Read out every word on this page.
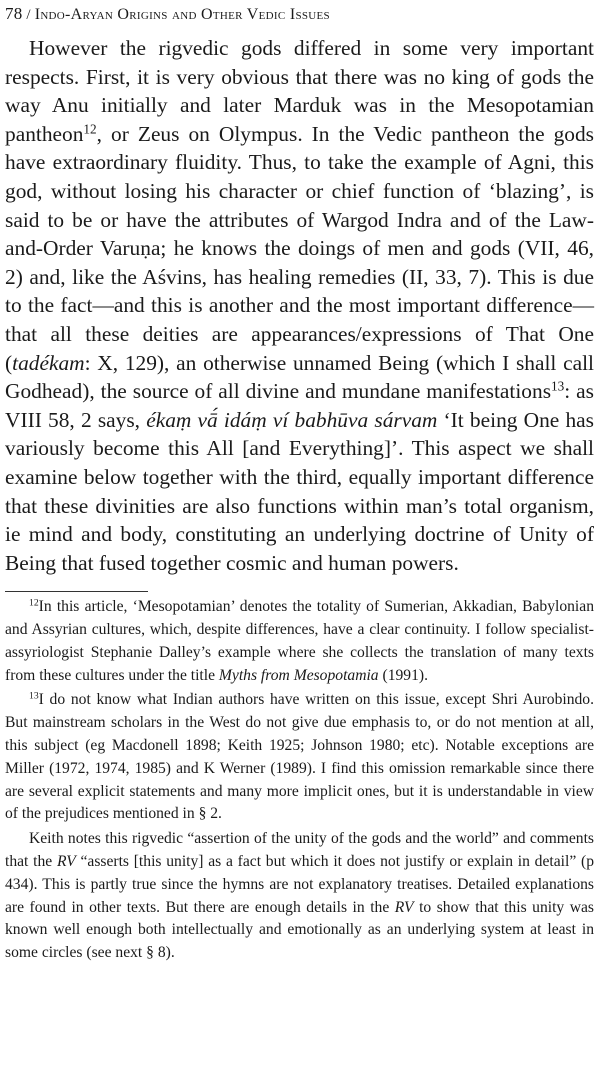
78 / Indo-Aryan Origins and Other Vedic Issues

However the rigvedic gods differed in some very important respects. First, it is very obvious that there was no king of gods the way Anu initially and later Marduk was in the Mesopotamian pantheon$^{12}$, or Zeus on Olympus. In the Vedic pantheon the gods have extraordinary fluidity. Thus, to take the example of Agni, this god, without losing his character or chief function of ‘blazing’, is said to be or have the attributes of Wargod Indra and of the Law-and-Order Varuṇa; he knows the doings of men and gods (VII, 46, 2) and, like the Aśvins, has healing remedies (II, 33, 7). This is due to the fact—and this is another and the most important difference—that all these deities are appearances/expressions of That One (tadékam: X, 129), an otherwise unnamed Being (which I shall call Godhead), the source of all divine and mundane manifestations$^{13}$: as VIII 58, 2 says, ékaṃ vā́ idáṃ ví babhūva sárvam ‘It being One has variously become this All [and Everything]’. This aspect we shall examine below together with the third, equally important difference that these divinities are also functions within man’s total organism, ie mind and body, constituting an underlying doctrine of Unity of Being that fused together cosmic and human powers.

$^{12}$In this article, ‘Mesopotamian’ denotes the totality of Sumerian, Akkadian, Babylonian and Assyrian cultures, which, despite differences, have a clear continuity. I follow specialist-assyriologist Stephanie Dalley’s example where she collects the translation of many texts from these cultures under the title Myths from Mesopotamia (1991).

$^{13}$I do not know what Indian authors have written on this issue, except Shri Aurobindo. But mainstream scholars in the West do not give due emphasis to, or do not mention at all, this subject (eg Macdonell 1898; Keith 1925; Johnson 1980; etc). Notable exceptions are Miller (1972, 1974, 1985) and K Werner (1989). I find this omission remarkable since there are several explicit statements and many more implicit ones, but it is understandable in view of the prejudices mentioned in § 2.

Keith notes this rigvedic “assertion of the unity of the gods and the world” and comments that the RV “asserts [this unity] as a fact but which it does not justify or explain in detail” (p 434). This is partly true since the hymns are not explanatory treatises. Detailed explanations are found in other texts. But there are enough details in the RV to show that this unity was known well enough both intellectually and emotionally as an underlying system at least in some circles (see next § 8).
